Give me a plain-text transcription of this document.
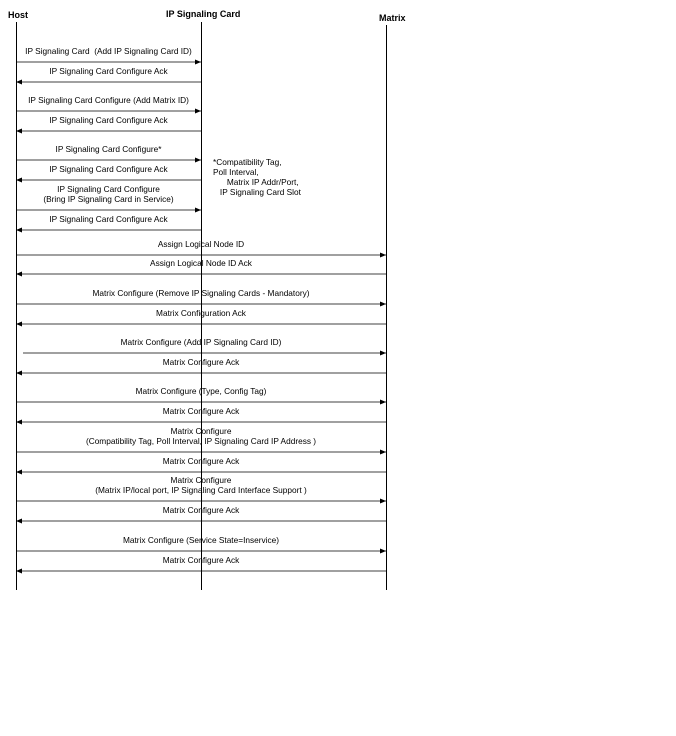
Host	IP Signaling Card	Matrix
IP Signaling Card  (Add IP Signaling Card ID)
IP Signaling Card Configure Ack
IP Signaling Card Configure (Add Matrix ID)
IP Signaling Card Configure Ack
IP Signaling Card Configure*
IP Signaling Card Configure Ack
IP Signaling Card Configure
(Bring IP Signaling Card in Service)
IP Signaling Card Configure Ack
Assign Logical Node ID
Assign Logical Node ID Ack
Matrix Configure (Remove IP Signaling Cards - Mandatory)
Matrix Configuration Ack
Matrix Configure (Add IP Signaling Card ID)
Matrix Configure Ack
Matrix Configure (Type, Config Tag)
Matrix Configure Ack
Matrix Configure
(Compatibility Tag, Poll Interval, IP Signaling Card IP Address )
Matrix Configure Ack
Matrix Configure
(Matrix IP/local port, IP Signaling Card Interface Support )
Matrix Configure Ack
Matrix Configure (Service State=Inservice)
Matrix Configure Ack
*Compatibility Tag,
Poll Interval,
Matrix IP Addr/Port,
IP Signaling Card Slot
